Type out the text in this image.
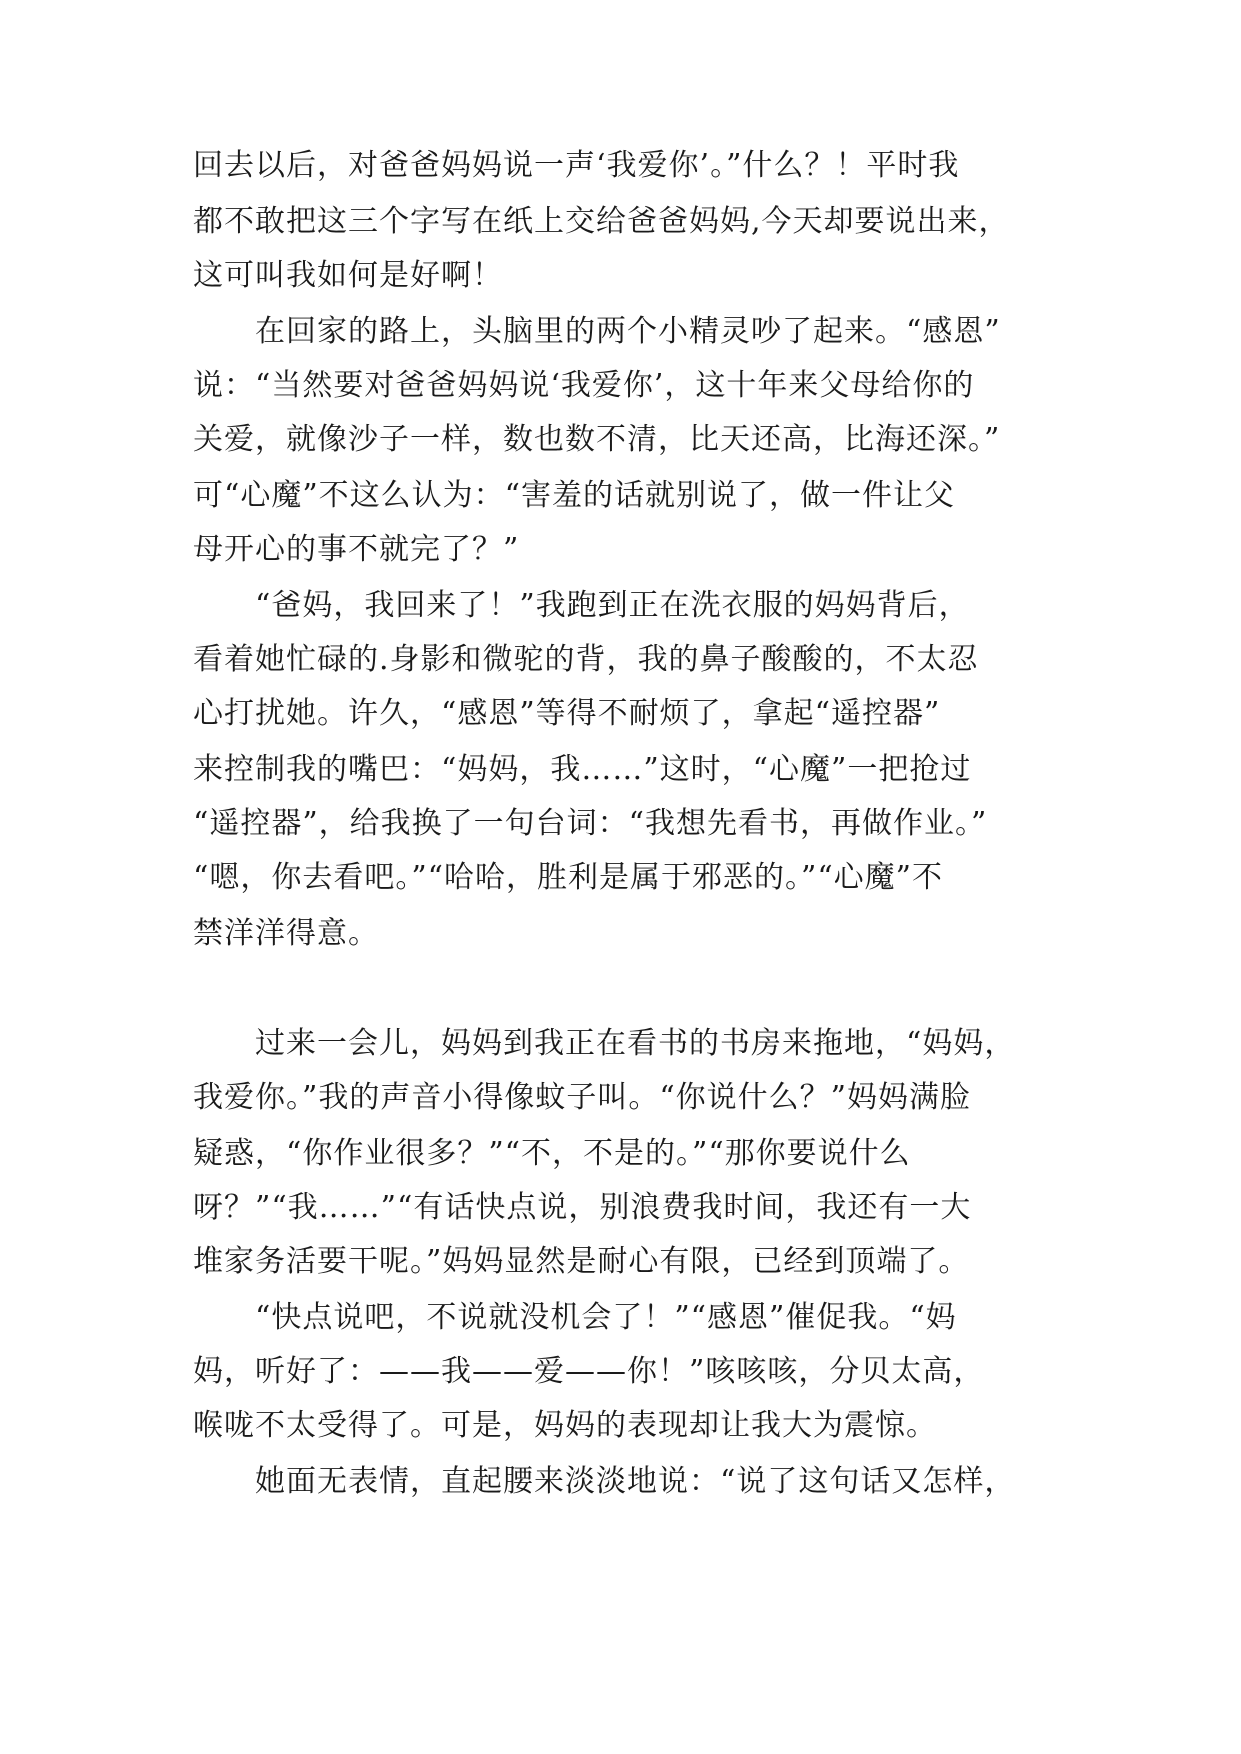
回去以后，对爸爸妈妈说一声‘我爱你’。”什么？！平时我
都不敢把这三个字写在纸上交给爸爸妈妈,今天却要说出来，
这可叫我如何是好啊！
在回家的路上，头脑里的两个小精灵吵了起来。“感恩”
说：“当然要对爸爸妈妈说‘我爱你’，这十年来父母给你的
关爱，就像沙子一样，数也数不清，比天还高，比海还深。”
可“心魔”不这么认为：“害羞的话就别说了，做一件让父
母开心的事不就完了？”
“爸妈，我回来了！”我跑到正在洗衣服的妈妈背后，
看着她忙碌的.身影和微驼的背，我的鼻子酸酸的，不太忍
心打扰她。许久，“感恩”等得不耐烦了，拿起“遥控器”
来控制我的嘴巴：“妈妈，我……”这时，“心魔”一把抢过
“遥控器”，给我换了一句台词：“我想先看书，再做作业。”
“嗯，你去看吧。”“哈哈，胜利是属于邪恶的。”“心魔”不
禁洋洋得意。
过来一会儿，妈妈到我正在看书的书房来拖地，“妈妈，
我爱你。”我的声音小得像蚊子叫。“你说什么？”妈妈满脸
疑惑，“你作业很多？”“不，不是的。”“那你要说什么
呀？”“我……”“有话快点说，别浪费我时间，我还有一大
堆家务活要干呢。”妈妈显然是耐心有限，已经到顶端了。
“快点说吧，不说就没机会了！”“感恩”催促我。“妈
妈，听好了：——我——爱——你！”咳咳咳，分贝太高，
喉咙不太受得了。可是，妈妈的表现却让我大为震惊。
她面无表情，直起腰来淡淡地说：“说了这句话又怎样，
